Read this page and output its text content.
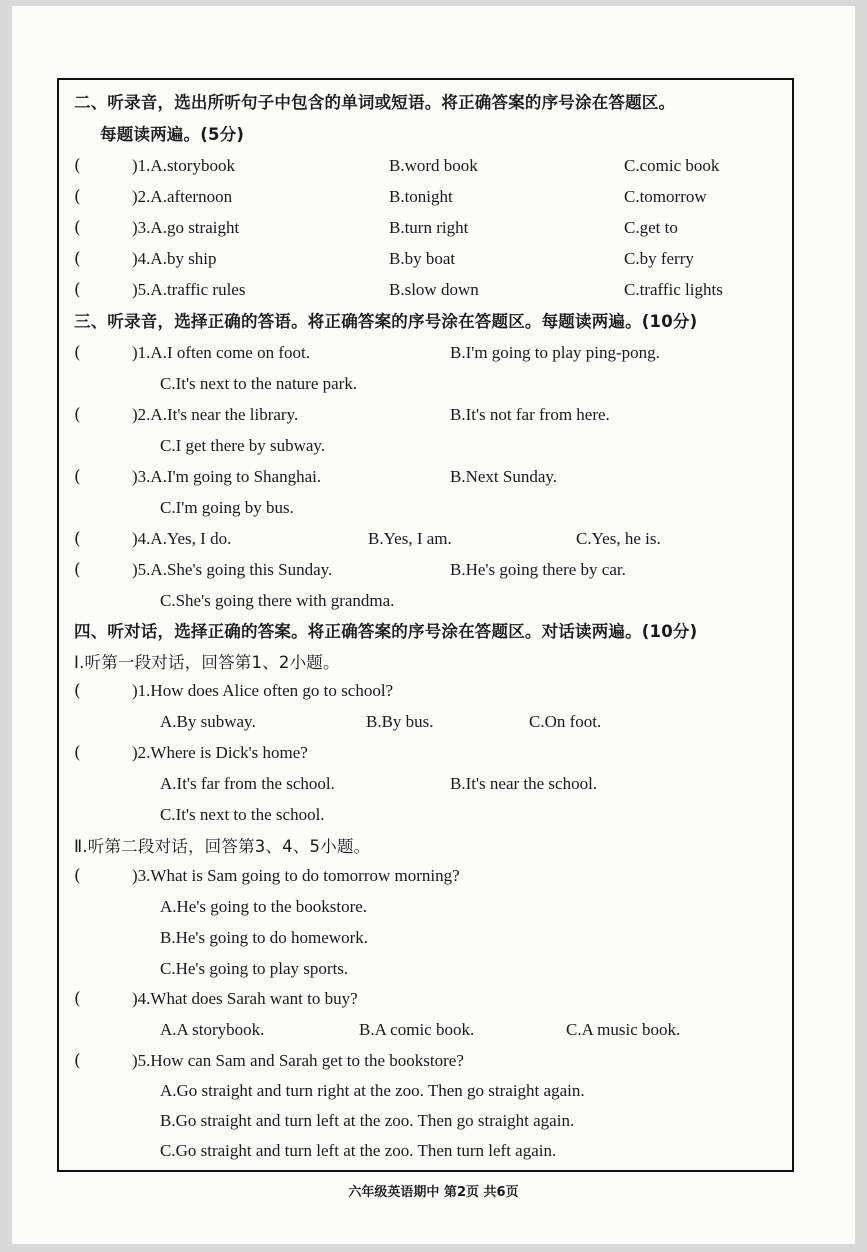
二、听录音，选出所听句子中包含的单词或短语。将正确答案的序号涂在答题区。
每题读两遍。(5分)
(	)1.A.storybook	B.word book	C.comic book
(	)2.A.afternoon	B.tonight	C.tomorrow
(	)3.A.go straight	B.turn right	C.get to
(	)4.A.by ship	B.by boat	C.by ferry
(	)5.A.traffic rules	B.slow down	C.traffic lights
三、听录音，选择正确的答语。将正确答案的序号涂在答题区。每题读两遍。(10分)
(	)1.A.I often come on foot.	B.I'm going to play ping-pong.
C.It's next to the nature park.
(	)2.A.It's near the library.	B.It's not far from here.
C.I get there by subway.
(	)3.A.I'm going to Shanghai.	B.Next Sunday.
C.I'm going by bus.
(	)4.A.Yes, I do.	B.Yes, I am.	C.Yes, he is.
(	)5.A.She's going this Sunday.	B.He's going there by car.
C.She's going there with grandma.
四、听对话，选择正确的答案。将正确答案的序号涂在答题区。对话读两遍。(10分)
Ⅰ.听第一段对话，回答第1、2小题。
(	)1.How does Alice often go to school?
A.By subway.	B.By bus.	C.On foot.
(	)2.Where is Dick's home?
A.It's far from the school.	B.It's near the school.
C.It's next to the school.
Ⅱ.听第二段对话，回答第3、4、5小题。
(	)3.What is Sam going to do tomorrow morning?
A.He's going to the bookstore.
B.He's going to do homework.
C.He's going to play sports.
(	)4.What does Sarah want to buy?
A.A storybook.	B.A comic book.	C.A music book.
(	)5.How can Sam and Sarah get to the bookstore?
A.Go straight and turn right at the zoo. Then go straight again.
B.Go straight and turn left at the zoo. Then go straight again.
C.Go straight and turn left at the zoo. Then turn left again.
六年级英语期中 第2页 共6页
